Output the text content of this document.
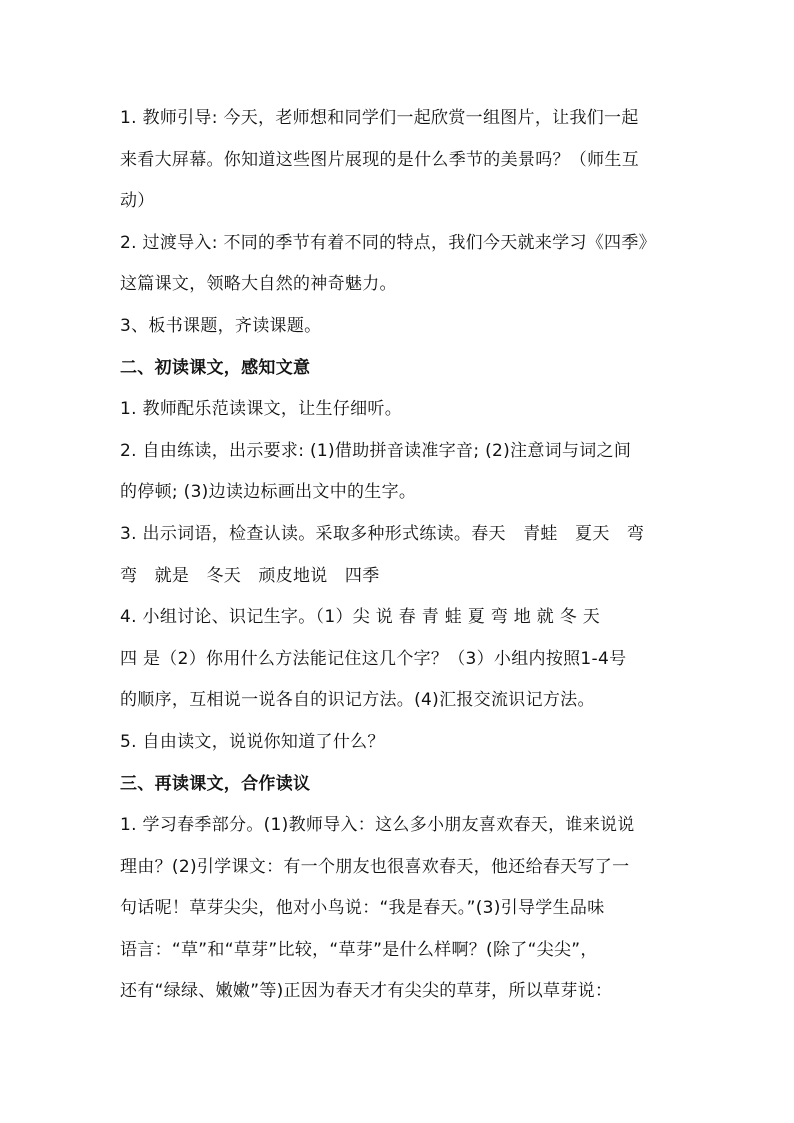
1. 教师引导: 今天，老师想和同学们一起欣赏一组图片，让我们一起
来看大屏幕。你知道这些图片展现的是什么季节的美景吗？（师生互
动）
2. 过渡导入: 不同的季节有着不同的特点，我们今天就来学习《四季》
这篇课文，领略大自然的神奇魅力。
3、板书课题，齐读课题。
二、初读课文，感知文意
1. 教师配乐范读课文，让生仔细听。
2. 自由练读，出示要求: (1)借助拼音读准字音; (2)注意词与词之间
的停顿; (3)边读边标画出文中的生字。
3. 出示词语，检查认读。采取多种形式练读。春天　青蛙　夏天　弯
弯　就是　冬天　顽皮地说　四季
4. 小组讨论、识记生字。（1）尖 说 春 青 蛙 夏 弯 地 就 冬 天
四 是（2）你用什么方法能记住这几个字？（3）小组内按照1-4号
的顺序，互相说一说各自的识记方法。(4)汇报交流识记方法。
5. 自由读文，说说你知道了什么？
三、再读课文，合作读议
1. 学习春季部分。(1)教师导入：这么多小朋友喜欢春天，谁来说说
理由？(2)引学课文：有一个朋友也很喜欢春天，他还给春天写了一
句话呢！草芽尖尖，他对小鸟说：“我是春天。”(3)引导学生品味
语言：“草”和“草芽”比较，“草芽”是什么样啊？(除了“尖尖”，
还有“绿绿、嫩嫩”等)正因为春天才有尖尖的草芽，所以草芽说：
